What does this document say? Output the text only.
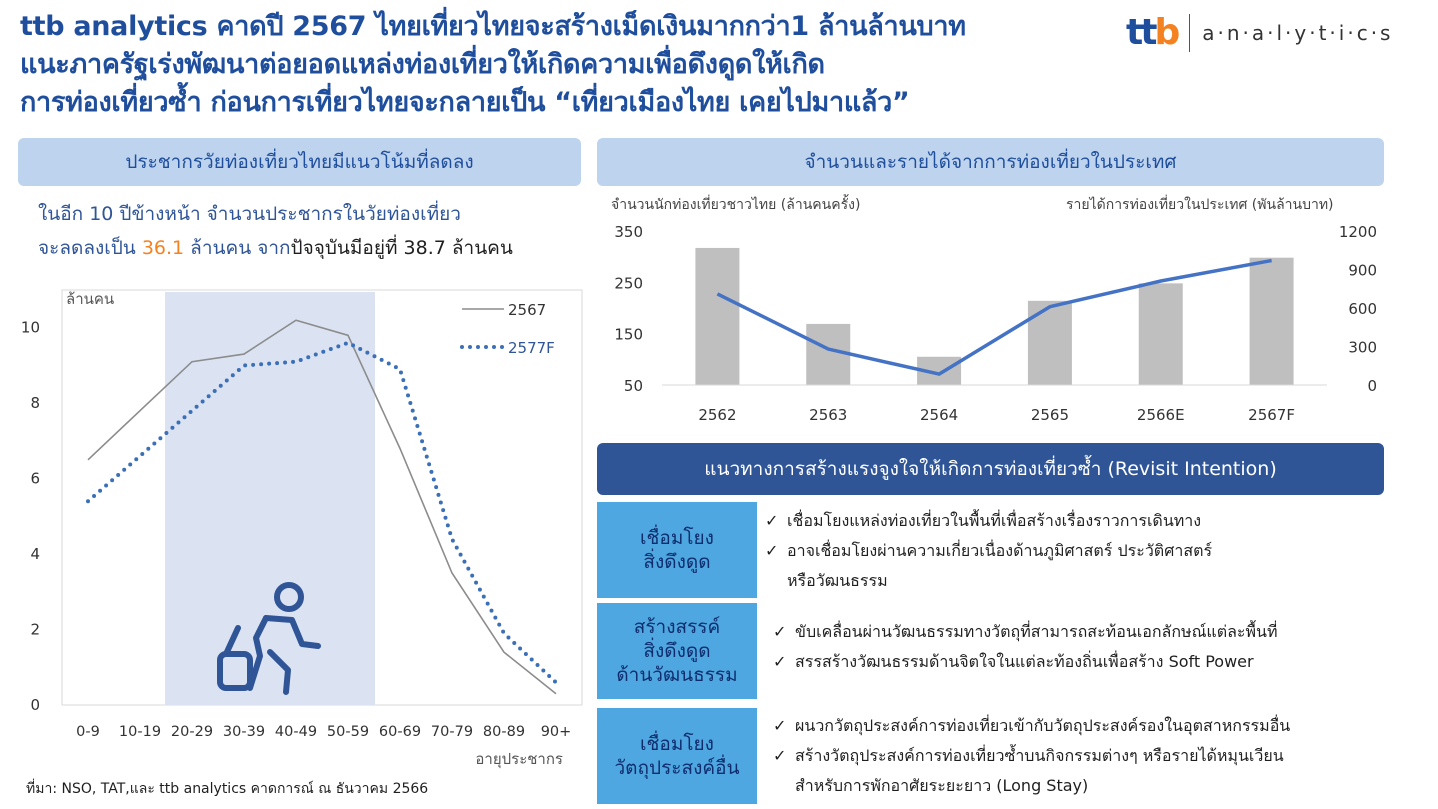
ttb analytics คาดปี 2567 ไทยเที่ยวไทยจะสร้างเม็ดเงินมากกว่า1 ล้านล้านบาท
แนะภาครัฐเร่งพัฒนาต่อยอดแหล่งท่องเที่ยวให้เกิดความเพื่อดึงดูดให้เกิด
การท่องเที่ยวซ้ำ ก่อนการเที่ยวไทยจะกลายเป็น “เที่ยวเมืองไทย เคยไปมาแล้ว”
ttb a·n·a·l·y·t·i·c·s
ประชากรวัยท่องเที่ยวไทยมีแนวโน้มที่ลดลง
ในอีก 10 ปีข้างหน้า จำนวนประชากรในวัยท่องเที่ยว
จะลดลงเป็น 36.1 ล้านคน จากปัจจุบันมีอยู่ที่ 38.7 ล้านคน
ล้านคน
0
2
4
6
8
10
0-9 10-19 20-29 30-39 40-49 50-59 60-69 70-79 80-89 90+
อายุประชากร
2567
2577F
จำนวนและรายได้จากการท่องเที่ยวในประเทศ
จำนวนนักท่องเที่ยวชาวไทย (ล้านคนครั้ง)	รายได้การท่องเที่ยวในประเทศ (พันล้านบาท)
50
150
250
350
0
300
600
900
1200
2562	2563	2564	2565	2566E	2567F
แนวทางการสร้างแรงจูงใจให้เกิดการท่องเที่ยวซ้ำ (Revisit Intention)
เชื่อมโยง
สิ่งดึงดูด
✓ เชื่อมโยงแหล่งท่องเที่ยวในพื้นที่เพื่อสร้างเรื่องราวการเดินทาง
✓ อาจเชื่อมโยงผ่านความเกี่ยวเนื่องด้านภูมิศาสตร์ ประวัติศาสตร์
หรือวัฒนธรรม
สร้างสรรค์
สิ่งดึงดูด
ด้านวัฒนธรรม
✓ ขับเคลื่อนผ่านวัฒนธรรมทางวัตถุที่สามารถสะท้อนเอกลักษณ์แต่ละพื้นที่
✓ สรรสร้างวัฒนธรรมด้านจิตใจในแต่ละท้องถิ่นเพื่อสร้าง Soft Power
เชื่อมโยง
วัตถุประสงค์อื่น
✓ ผนวกวัตถุประสงค์การท่องเที่ยวเข้ากับวัตถุประสงค์รองในอุตสาหกรรมอื่น
✓ สร้างวัตถุประสงค์การท่องเที่ยวซ้ำบนกิจกรรมต่างๆ หรือรายได้หมุนเวียน
สำหรับการพักอาศัยระยะยาว (Long Stay)
ที่มา: NSO, TAT,และ ttb analytics คาดการณ์ ณ ธันวาคม 2566
